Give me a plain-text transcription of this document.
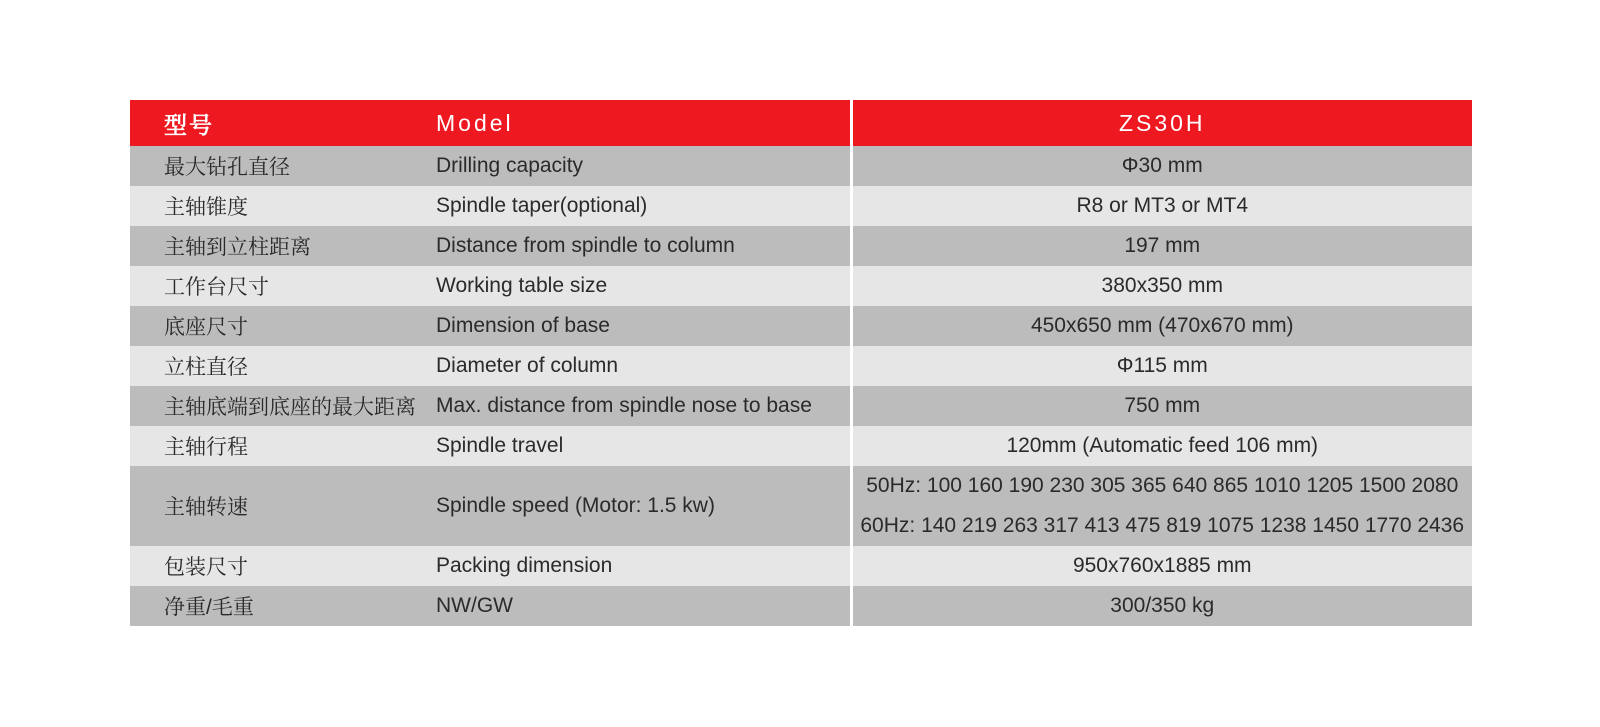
型号	Model	ZS30H
最大钻孔直径	Drilling capacity	Φ30 mm
主轴锥度	Spindle taper(optional)	R8 or MT3 or MT4
主轴到立柱距离	Distance from spindle to column	197 mm
工作台尺寸	Working table size	380x350 mm
底座尺寸	Dimension of base	450x650 mm (470x670 mm)
立柱直径	Diameter of column	Φ115 mm
主轴底端到底座的最大距离	Max. distance from spindle nose to base	750 mm
主轴行程	Spindle travel	120mm (Automatic feed 106 mm)
主轴转速	Spindle speed (Motor: 1.5 kw)	50Hz: 100 160 190 230 305 365 640 865 1010 1205 1500 2080
60Hz: 140 219 263 317 413 475 819 1075 1238 1450 1770 2436

包装尺寸	Packing dimension	950x760x1885 mm
净重/毛重	NW/GW	300/350 kg
